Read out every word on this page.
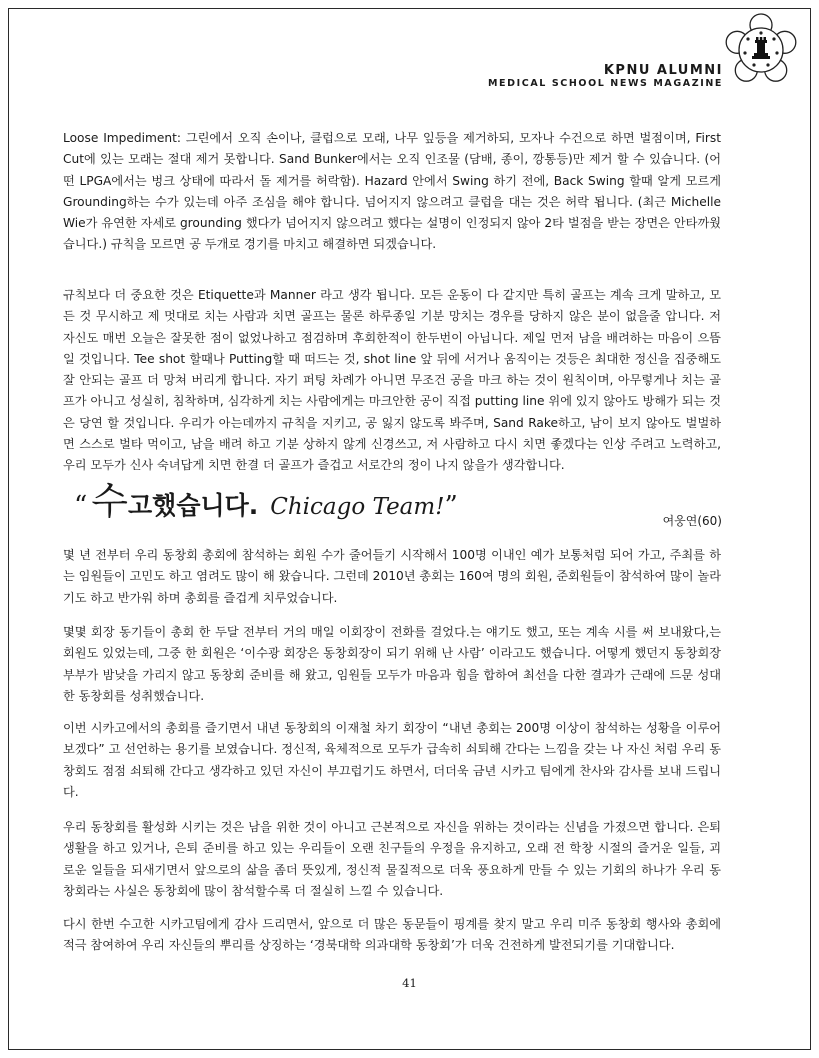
KPNU ALUMNI
MEDICAL SCHOOL NEWS MAGAZINE

Loose Impediment: 그린에서 오직 손이나, 클럽으로 모래, 나무 잎등을 제거하되, 모자나 수건으로 하면 벌점이며, First Cut에 있는 모래는 절대 제거 못합니다. Sand Bunker에서는 오직 인조물 (담배, 종이, 깡통등)만 제거 할 수 있습니다. (어떤 LPGA에서는 벙크 상태에 따라서 돌 제거를 허락함). Hazard 안에서 Swing 하기 전에, Back Swing 할때 알게 모르게 Grounding하는 수가 있는데 아주 조심을 해야 합니다. 넘어지지 않으려고 클럽을 대는 것은 허락 됩니다. (최근 Michelle Wie가 유연한 자세로 grounding 했다가 넘어지지 않으려고 했다는 설명이 인정되지 않아 2타 벌점을 받는 장면은 안타까웠습니다.) 규칙을 모르면 공 두개로 경기를 마치고 해결하면 되겠습니다.

규칙보다 더 중요한 것은 Etiquette과 Manner 라고 생각 됩니다. 모든 운동이 다 같지만 특히 골프는 계속 크게 말하고, 모든 것 무시하고 제 멋대로 치는 사람과 치면 골프는 물론 하루종일 기분 망치는 경우를 당하지 않은 분이 없을줄 압니다. 저 자신도 매번 오늘은 잘못한 점이 없었나하고 점검하며 후회한적이 한두번이 아닙니다. 제일 먼저 남을 배려하는 마음이 으뜸일 것입니다. Tee shot 할때나 Putting할 때 떠드는 것, shot line 앞 뒤에 서거나 움직이는 것등은 최대한 정신을 집중해도 잘 안되는 골프 더 망쳐 버리게 합니다. 자기 퍼팅 차례가 아니면 무조건 공을 마크 하는 것이 원칙이며, 아무렇게나 치는 골프가 아니고 성실히, 침착하며, 심각하게 치는 사람에게는 마크안한 공이 직접 putting line 위에 있지 않아도 방해가 되는 것은 당연 할 것입니다. 우리가 아는데까지 규칙을 지키고, 공 잃지 않도록 봐주며, Sand Rake하고, 남이 보지 않아도 벌벌하면 스스로 벌타 먹이고, 남을 배려 하고 기분 상하지 않게 신경쓰고, 저 사람하고 다시 치면 좋겠다는 인상 주려고 노력하고, 우리 모두가 신사 숙녀답게 치면 한결 더 골프가 즐겁고 서로간의 정이 나지 않을가 생각합니다.

“ 수 고했습니다. Chicago Team! ”	여웅연(60)

몇 년 전부터 우리 동창회 총회에 참석하는 회원 수가 줄어들기 시작해서 100명 이내인 예가 보통처럼 되어 가고, 주최를 하는 임원들이 고민도 하고 염려도 많이 해 왔습니다. 그런데 2010년 총회는 160여 명의 회원, 준회원들이 참석하여 많이 놀라기도 하고 반가워 하며 총회를 즐겁게 치루었습니다.

몇몇 회장 동기들이 총회 한 두달 전부터 거의 매일 이회장이 전화를 걸었다.는 얘기도 했고, 또는 계속 시를 써 보내왔다,는 회원도 있었는데, 그중 한 회원은 ‘이수광 회장은 동창회장이 되기 위해 난 사람’ 이라고도 했습니다. 어떻게 했던지 동창회장 부부가 밤낮을 가리지 않고 동창회 준비를 해 왔고, 임원들 모두가 마음과 힘을 합하여 최선을 다한 결과가 근래에 드문 성대한 동창회를 성취했습니다.

이번 시카고에서의 총회를 즐기면서 내년 동창회의 이재철 차기 회장이 “내년 총회는 200명 이상이 참석하는 성황을 이루어 보겠다” 고 선언하는 용기를 보였습니다. 정신적, 육체적으로 모두가 급속히 쇠퇴해 간다는 느낌을 갖는 나 자신 처럼 우리 동창회도 점점 쇠퇴해 간다고 생각하고 있던 자신이 부끄럽기도 하면서, 더더욱 금년 시카고 팀에게 찬사와 감사를 보내 드립니다.

우리 동창회를 활성화 시키는 것은 남을 위한 것이 아니고 근본적으로 자신을 위하는 것이라는 신념을 가졌으면 합니다. 은퇴 생활을 하고 있거나, 은퇴 준비를 하고 있는 우리들이 오랜 친구들의 우정을 유지하고, 오래 전 학창 시절의 즐거운 일들, 괴로운 일들을 되새기면서 앞으로의 삶을 좀더 뜻있게, 정신적 물질적으로 더욱 풍요하게 만들 수 있는 기회의 하나가 우리 동창회라는 사실은 동창회에 많이 참석할수록 더 절실히 느낄 수 있습니다.

다시 한번 수고한 시카고팀에게 감사 드리면서, 앞으로 더 많은 동문들이 핑계를 찾지 말고 우리 미주 동창회 행사와 총회에 적극 참여하여 우리 자신들의 뿌리를 상징하는 ‘경북대학 의과대학 동창회’가 더욱 건전하게 발전되기를 기대합니다.

41
